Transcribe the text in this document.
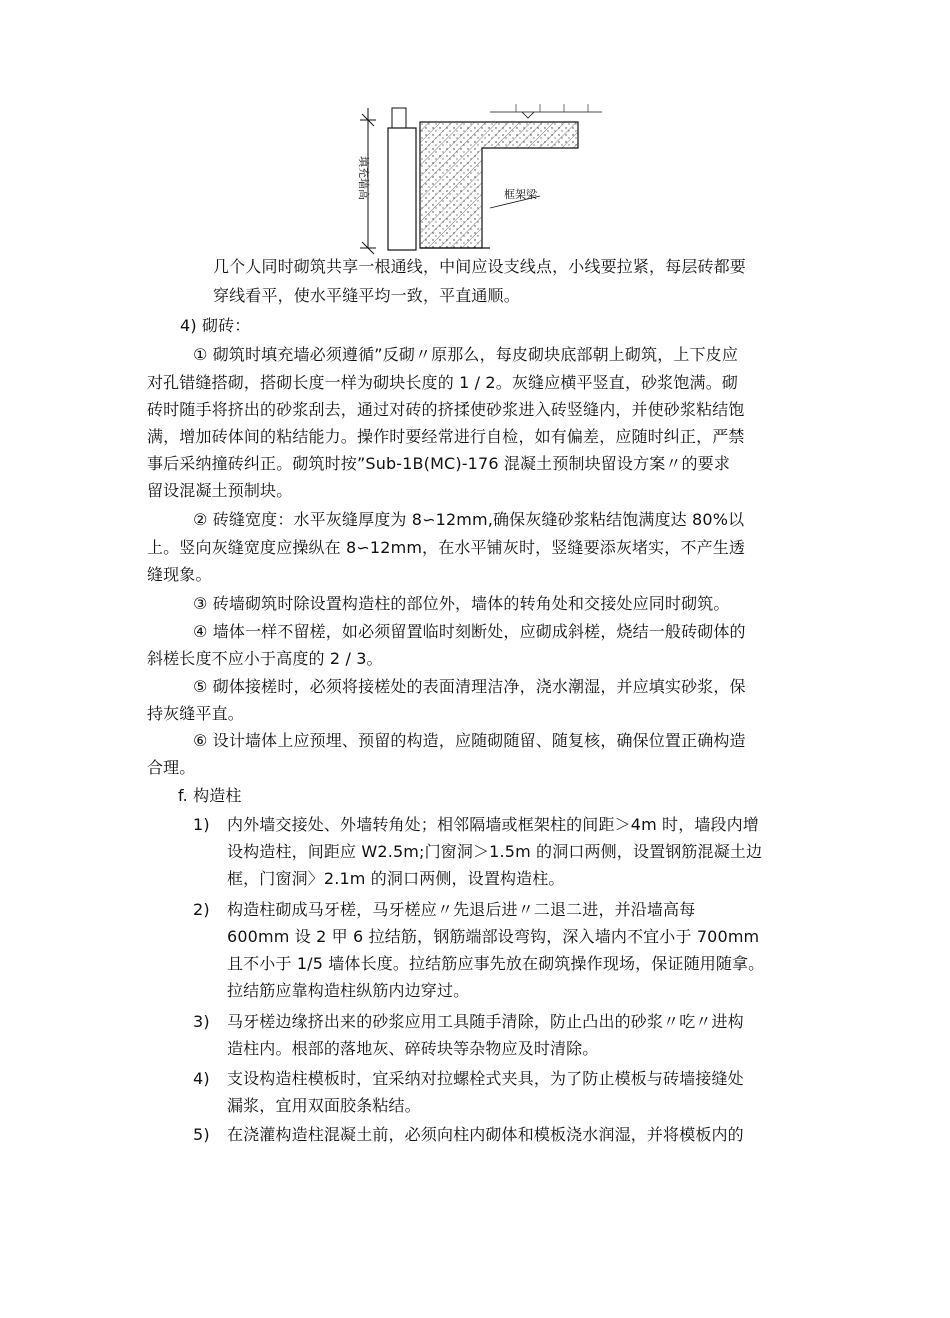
填充墙高	框架梁
几个人同时砌筑共享一根通线，中间应设支线点，小线要拉紧，每层砖都要
穿线看平，使水平缝平均一致，平直通顺。
4) 砌砖：
① 砌筑时填充墙必须遵循”反砌〃原那么，每皮砌块底部朝上砌筑，上下皮应
对孔错缝搭砌，搭砌长度一样为砌块长度的 1 / 2。灰缝应横平竖直，砂浆饱满。砌
砖时随手将挤出的砂浆刮去，通过对砖的挤揉使砂浆进入砖竖缝内，并使砂浆粘结饱
满，增加砖体间的粘结能力。操作时要经常进行自检，如有偏差，应随时纠正，严禁
事后采纳撞砖纠正。砌筑时按”Sub-1B(MC)-176 混凝土预制块留设方案〃的要求
留设混凝土预制块。
② 砖缝宽度：水平灰缝厚度为 8∽12mm,确保灰缝砂浆粘结饱满度达 80%以
上。竖向灰缝宽度应操纵在 8∽12mm，在水平铺灰时，竖缝要添灰堵实，不产生透
缝现象。
③ 砖墙砌筑时除设置构造柱的部位外，墙体的转角处和交接处应同时砌筑。
④ 墙体一样不留槎，如必须留置临时刻断处，应砌成斜槎，烧结一般砖砌体的
斜槎长度不应小于高度的 2 / 3。
⑤ 砌体接槎时，必须将接槎处的表面清理洁净，浇水潮湿，并应填实砂浆，保
持灰缝平直。
⑥ 设计墙体上应预埋、预留的构造，应随砌随留、随复核，确保位置正确构造
合理。
f. 构造柱
1) 内外墙交接处、外墙转角处；相邻隔墙或框架柱的间距＞4m 时，墙段内增
设构造柱，间距应 W2.5m;门窗洞＞1.5m 的洞口两侧，设置钢筋混凝土边
框，门窗洞〉2.1m 的洞口两侧，设置构造柱。
2) 构造柱砌成马牙槎，马牙槎应〃先退后进〃二退二进，并沿墙高每
600mm 设 2 甲 6 拉结筋，钢筋端部设弯钩，深入墙内不宜小于 700mm
且不小于 1/5 墙体长度。拉结筋应事先放在砌筑操作现场，保证随用随拿。
拉结筋应靠构造柱纵筋内边穿过。
3) 马牙槎边缘挤出来的砂浆应用工具随手清除，防止凸出的砂浆〃吃〃进构
造柱内。根部的落地灰、碎砖块等杂物应及时清除。
4) 支设构造柱模板时，宜采纳对拉螺栓式夹具，为了防止模板与砖墙接缝处
漏浆，宜用双面胶条粘结。
5) 在浇灌构造柱混凝土前，必须向柱内砌体和模板浇水润湿，并将模板内的
